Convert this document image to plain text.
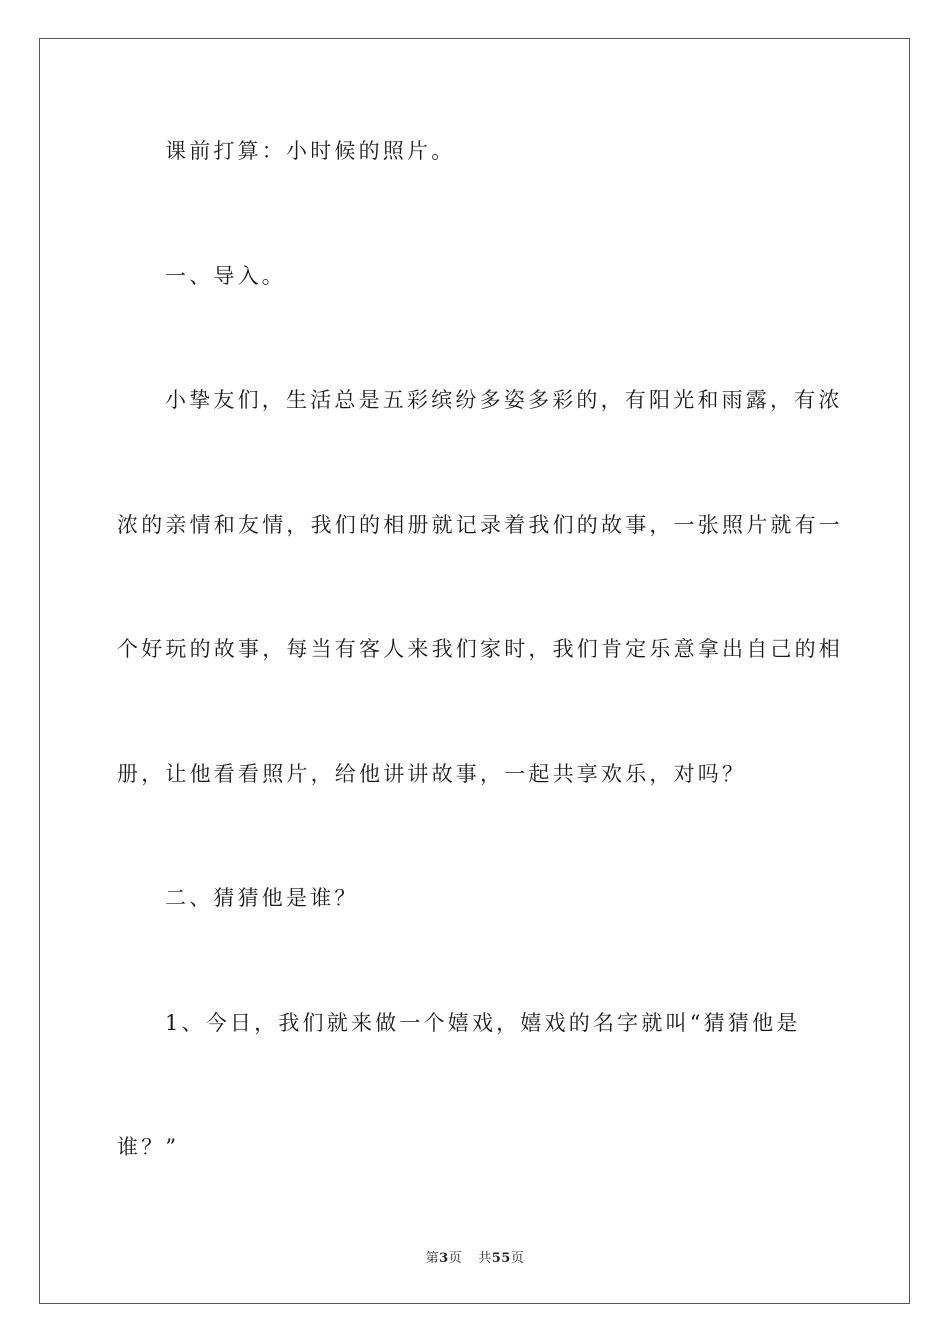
课前打算：小时候的照片。
一、导入。
小挚友们，生活总是五彩缤纷多姿多彩的，有阳光和雨露，有浓
浓的亲情和友情，我们的相册就记录着我们的故事，一张照片就有一
个好玩的故事，每当有客人来我们家时，我们肯定乐意拿出自己的相
册，让他看看照片，给他讲讲故事，一起共享欢乐，对吗？
二、猜猜他是谁？
1、今日，我们就来做一个嬉戏，嬉戏的名字就叫“猜猜他是
谁？”
第3页 共55页
